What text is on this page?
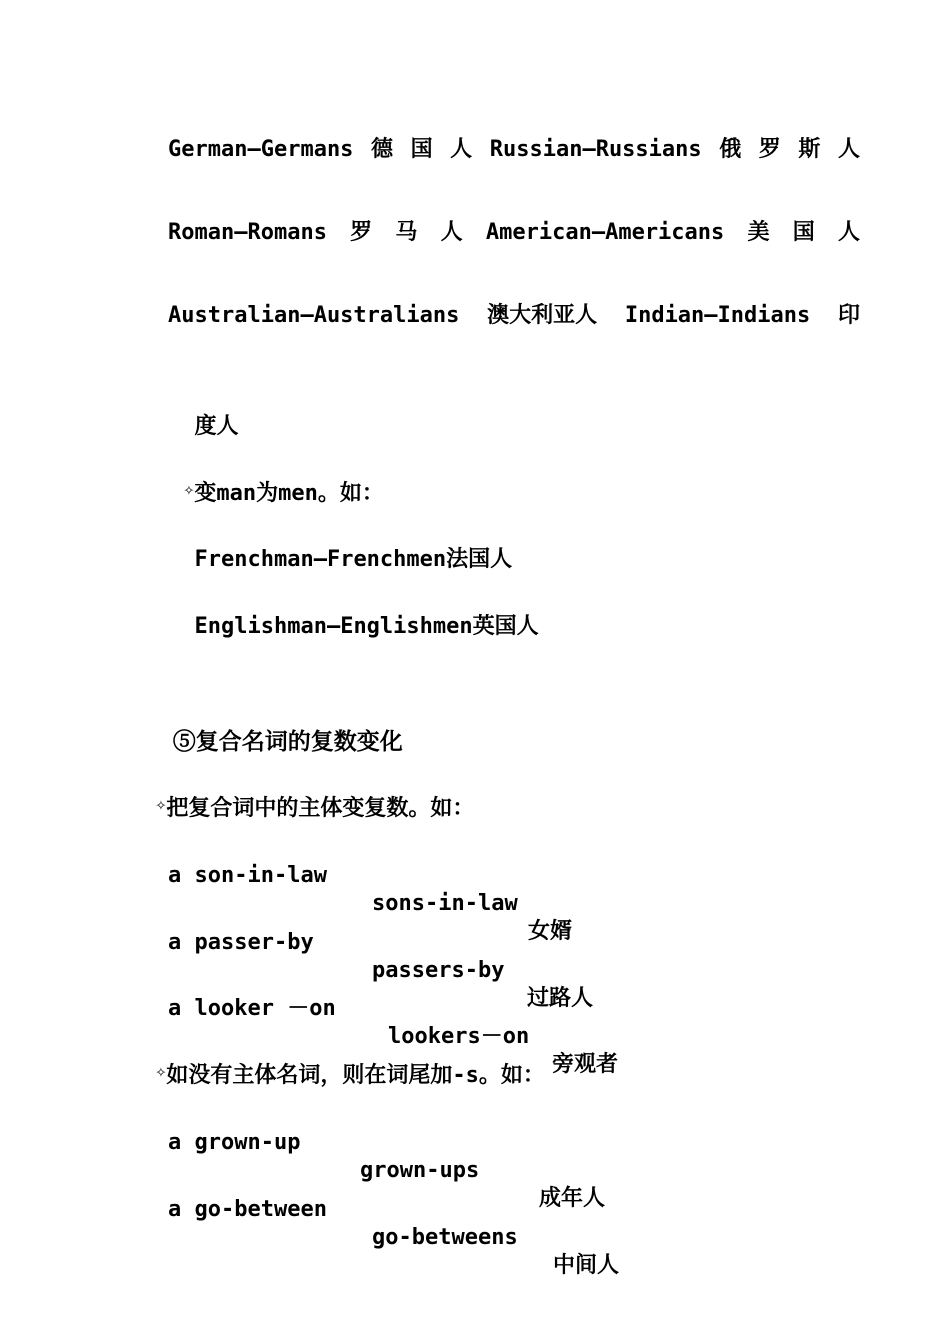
German—Germans 德 国 人 Russian—Russians 俄 罗 斯 人
Roman—Romans 罗 马 人 American—Americans 美 国 人
Australian—Australians 澳大利亚人 Indian—Indians 印

度人

✧变man为men。如：

Frenchman—Frenchmen法国人

Englishman—Englishmen英国人

⑤复合名词的复数变化

✧把复合词中的主体变复数。如：

a son-in-law

sons-in-law

女婿

a passer-by

passers-by

过路人

a looker －on

lookers－on

旁观者

✧如没有主体名词，则在词尾加-s。如：

a grown-up

grown-ups

成年人

a go-between

go-betweens

中间人
